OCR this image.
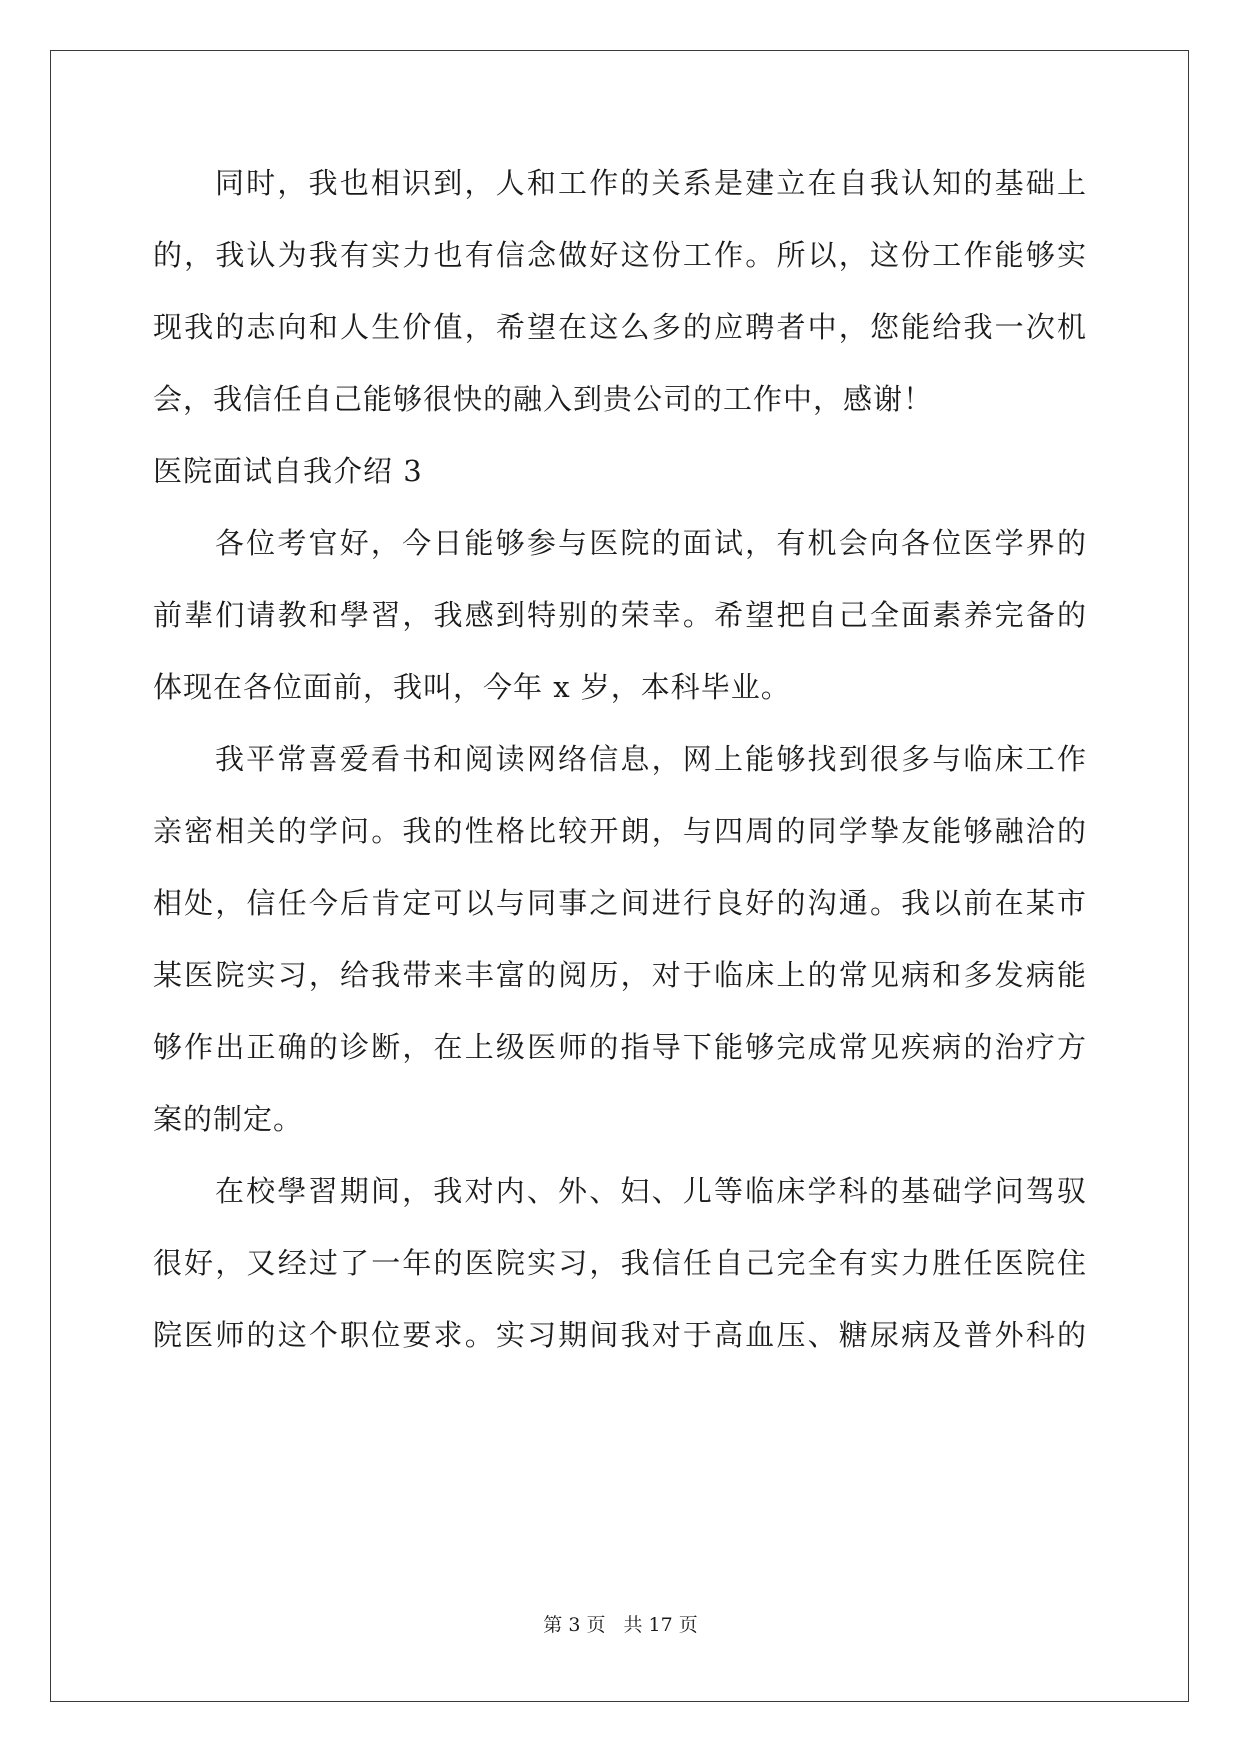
同时，我也相识到，人和工作的关系是建立在自我认知的基础上
的，我认为我有实力也有信念做好这份工作。所以，这份工作能够实
现我的志向和人生价值，希望在这么多的应聘者中，您能给我一次机
会，我信任自己能够很快的融入到贵公司的工作中，感谢！
医院面试自我介绍 3
各位考官好，今日能够参与医院的面试，有机会向各位医学界的
前辈们请教和學習，我感到特别的荣幸。希望把自己全面素养完备的
体现在各位面前，我叫，今年 x 岁，本科毕业。
我平常喜爱看书和阅读网络信息，网上能够找到很多与临床工作
亲密相关的学问。我的性格比较开朗，与四周的同学挚友能够融洽的
相处，信任今后肯定可以与同事之间进行良好的沟通。我以前在某市
某医院实习，给我带来丰富的阅历，对于临床上的常见病和多发病能
够作出正确的诊断，在上级医师的指导下能够完成常见疾病的治疗方
案的制定。
在校學習期间，我对内、外、妇、儿等临床学科的基础学问驾驭
很好，又经过了一年的医院实习，我信任自己完全有实力胜任医院住
院医师的这个职位要求。实习期间我对于高血压、糖尿病及普外科的
第 3 页 共 17 页
